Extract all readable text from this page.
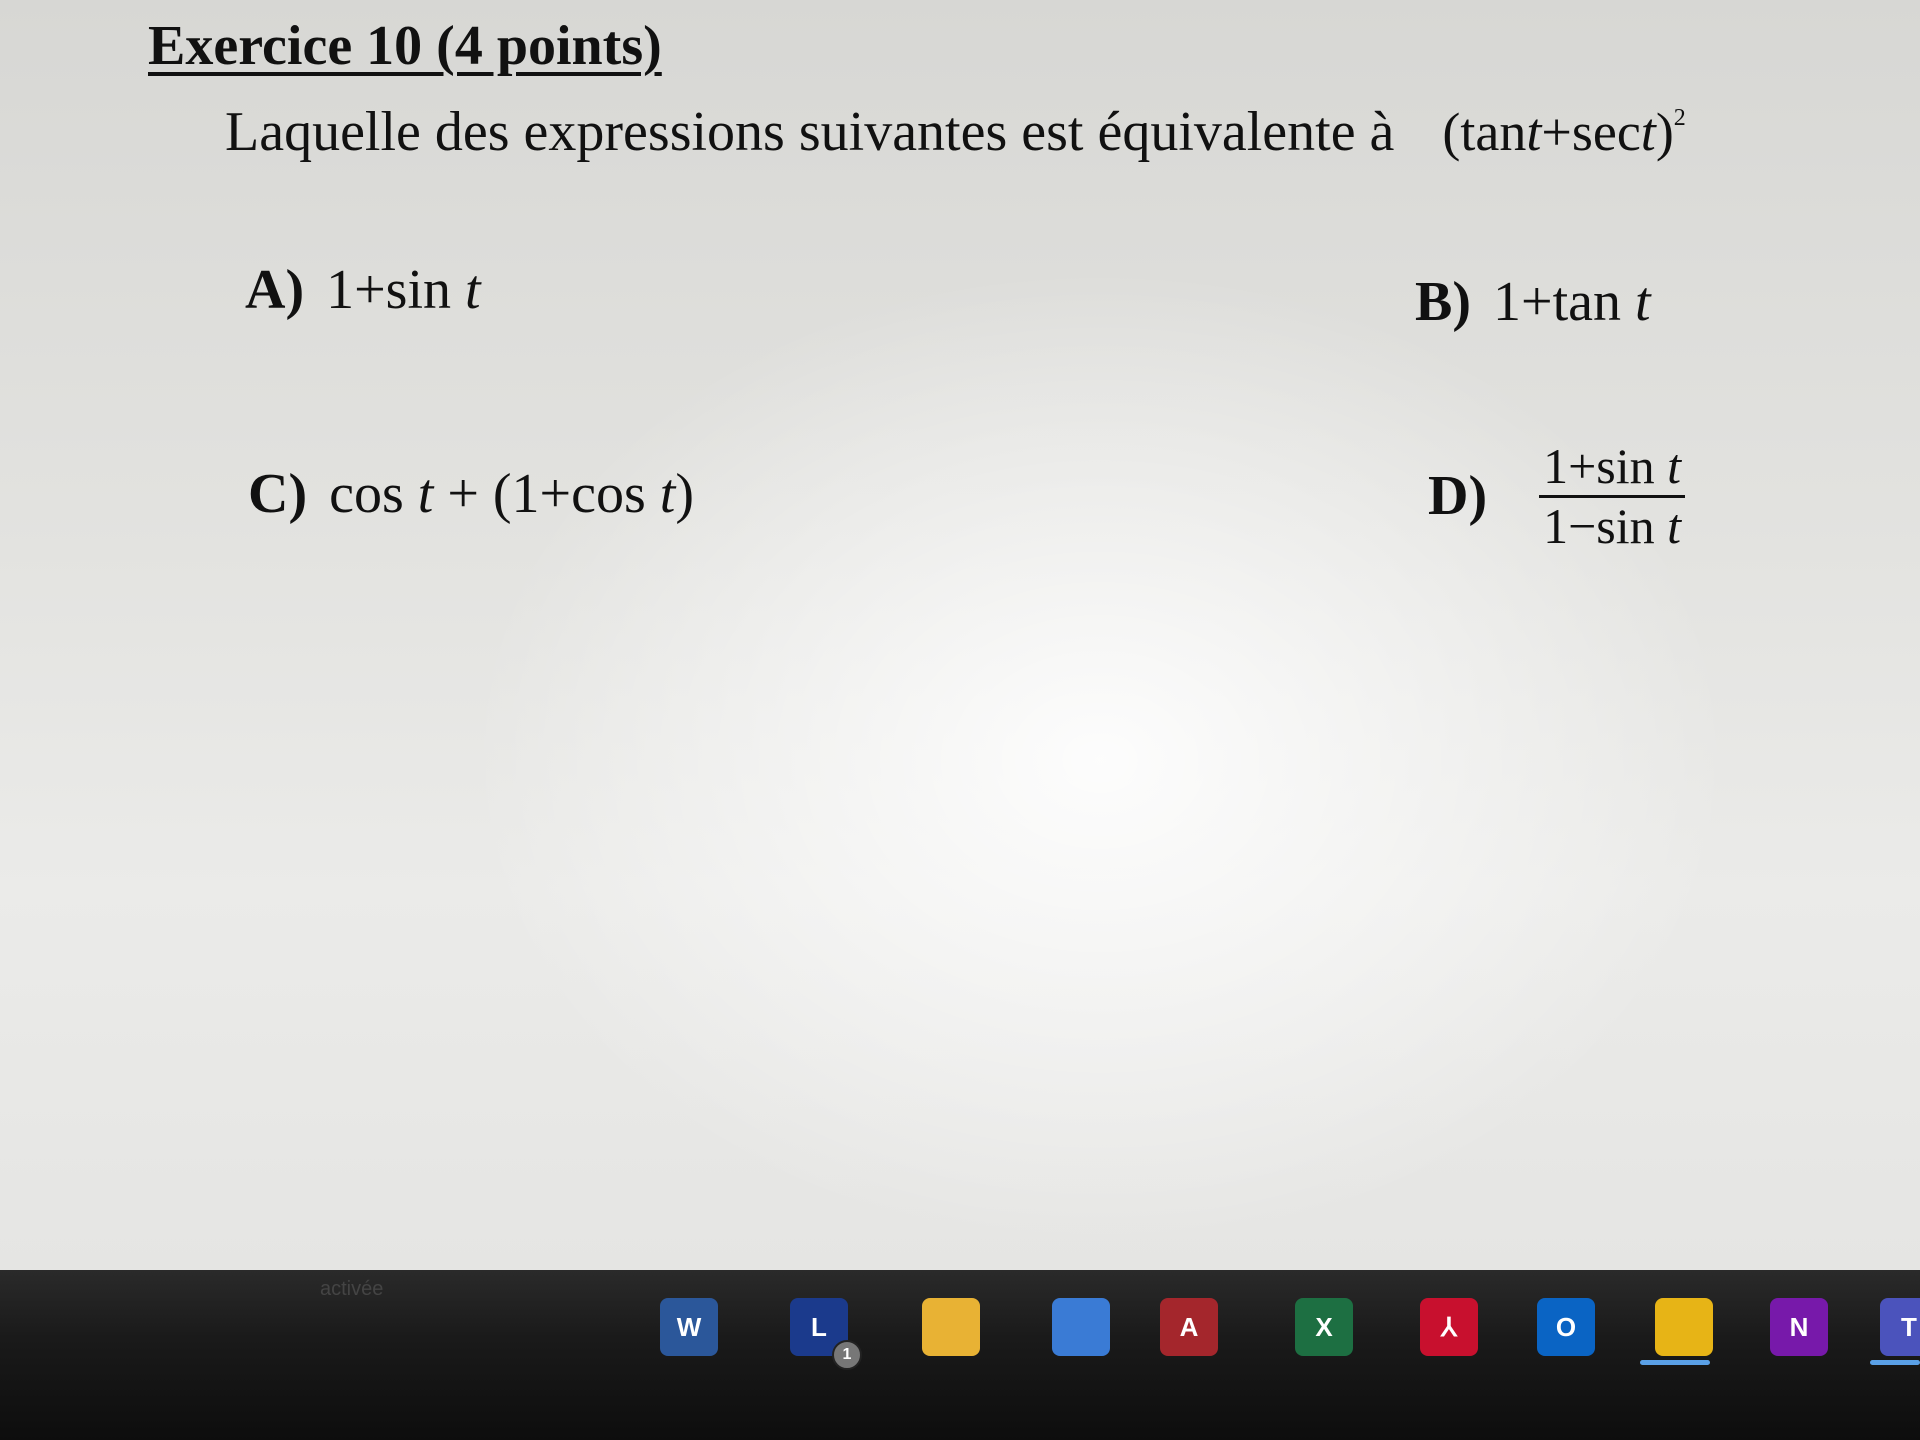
Exercice 10 (4 points)
Laquelle des expressions suivantes est équivalente à $(\tan t+\sec t)^2$
A) 1+sin t	B) 1+tan t
C) cos t + (1+cos t)	$D) \frac{\text{1+sin t}}{\text{1−sin t}}$
activée
W	L
1
A	X	⅄	O	N	T
